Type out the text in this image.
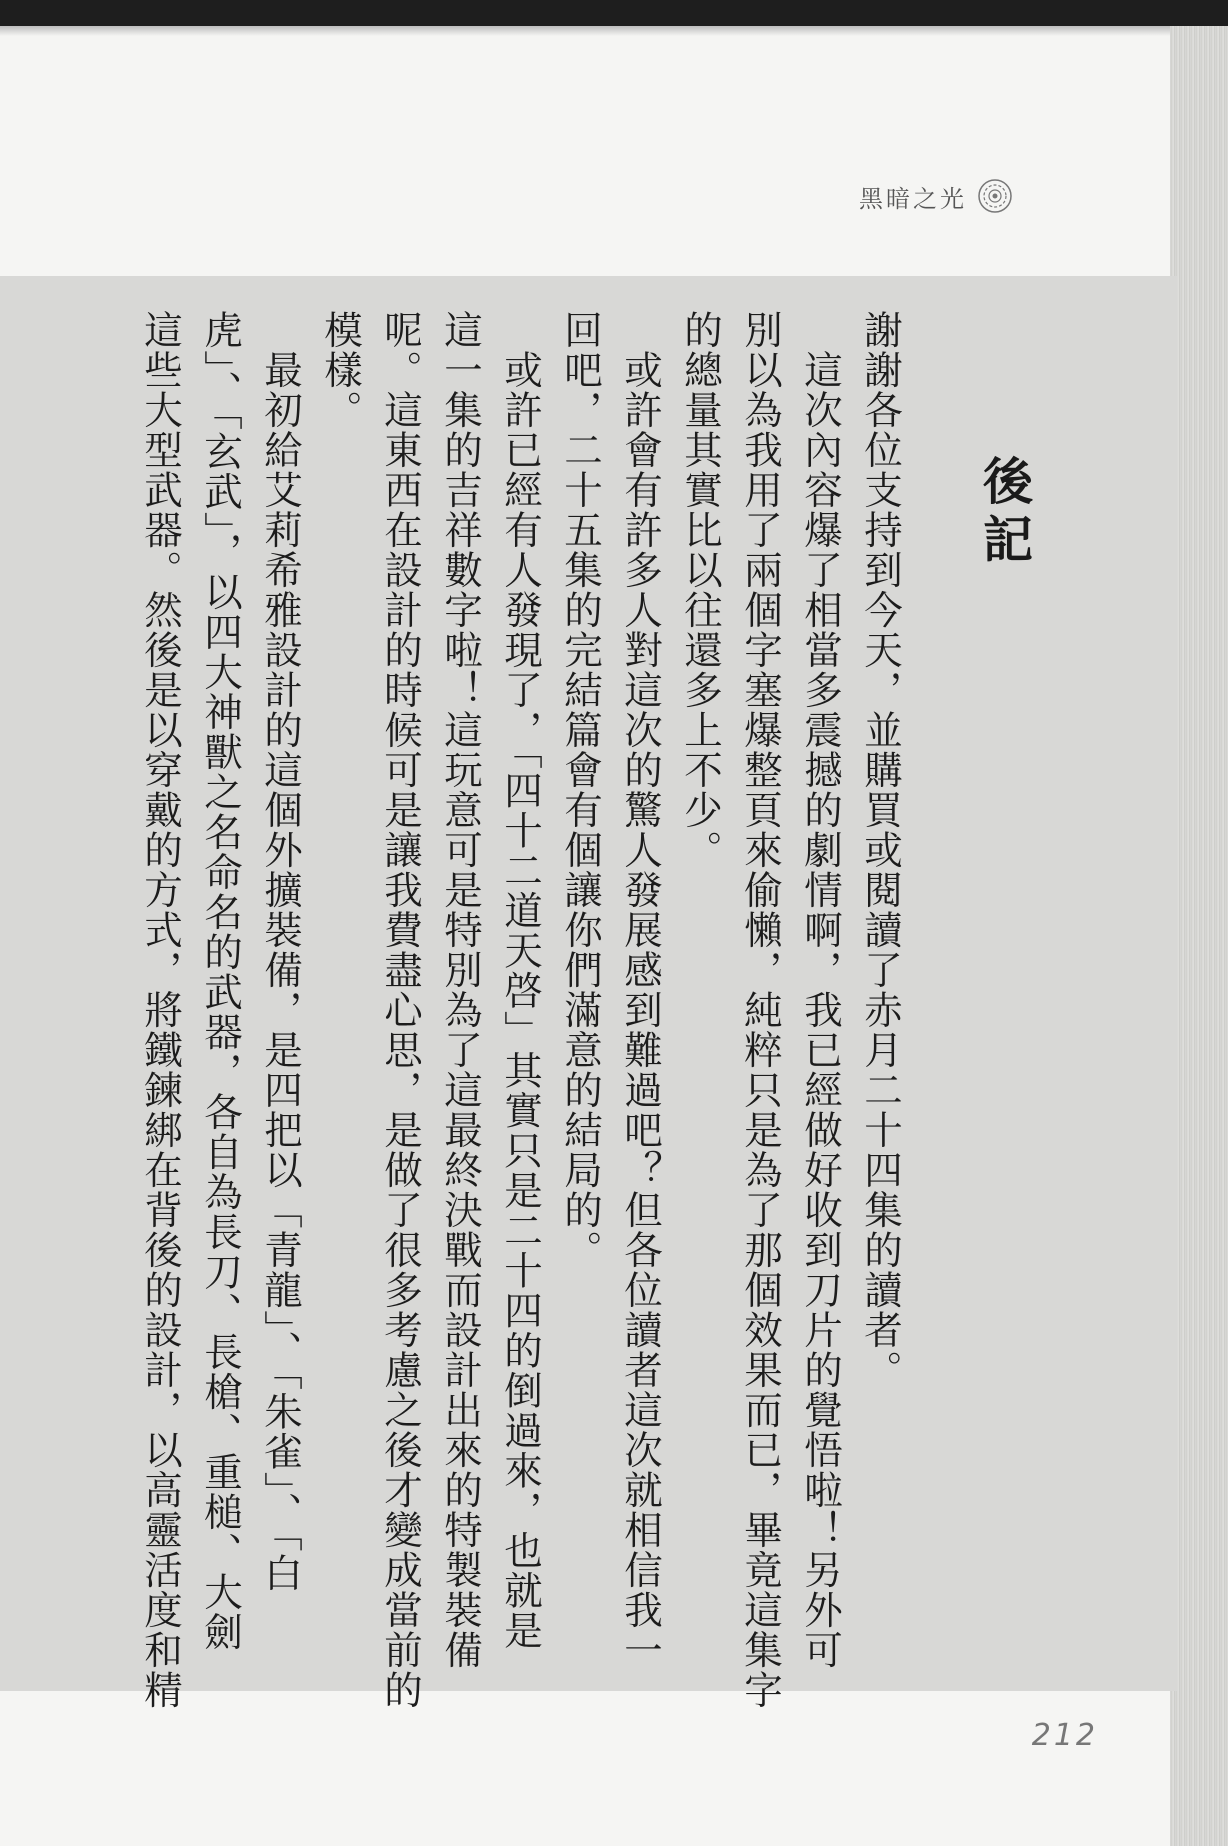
黑暗之光
後記
謝謝各位支持到今天，並購買或閱讀了赤月二十四集的讀者。
這次內容爆了相當多震撼的劇情啊，我已經做好收到刀片的覺悟啦！另外可
別以為我用了兩個字塞爆整頁來偷懶，純粹只是為了那個效果而已，畢竟這集字
的總量其實比以往還多上不少。
或許會有許多人對這次的驚人發展感到難過吧？但各位讀者這次就相信我一
回吧，二十五集的完結篇會有個讓你們滿意的結局的。
或許已經有人發現了，「四十二道天啓」其實只是二十四的倒過來，也就是
這一集的吉祥數字啦！這玩意可是特別為了這最終決戰而設計出來的特製裝備
呢。這東西在設計的時候可是讓我費盡心思，是做了很多考慮之後才變成當前的
模樣。
最初給艾莉希雅設計的這個外擴裝備，是四把以「青龍」、「朱雀」、「白
虎」、「玄武」，以四大神獸之名命名的武器，各自為長刀、長槍、重槌、大劍
這些大型武器。然後是以穿戴的方式，將鐵鍊綁在背後的設計，以高靈活度和精
212
